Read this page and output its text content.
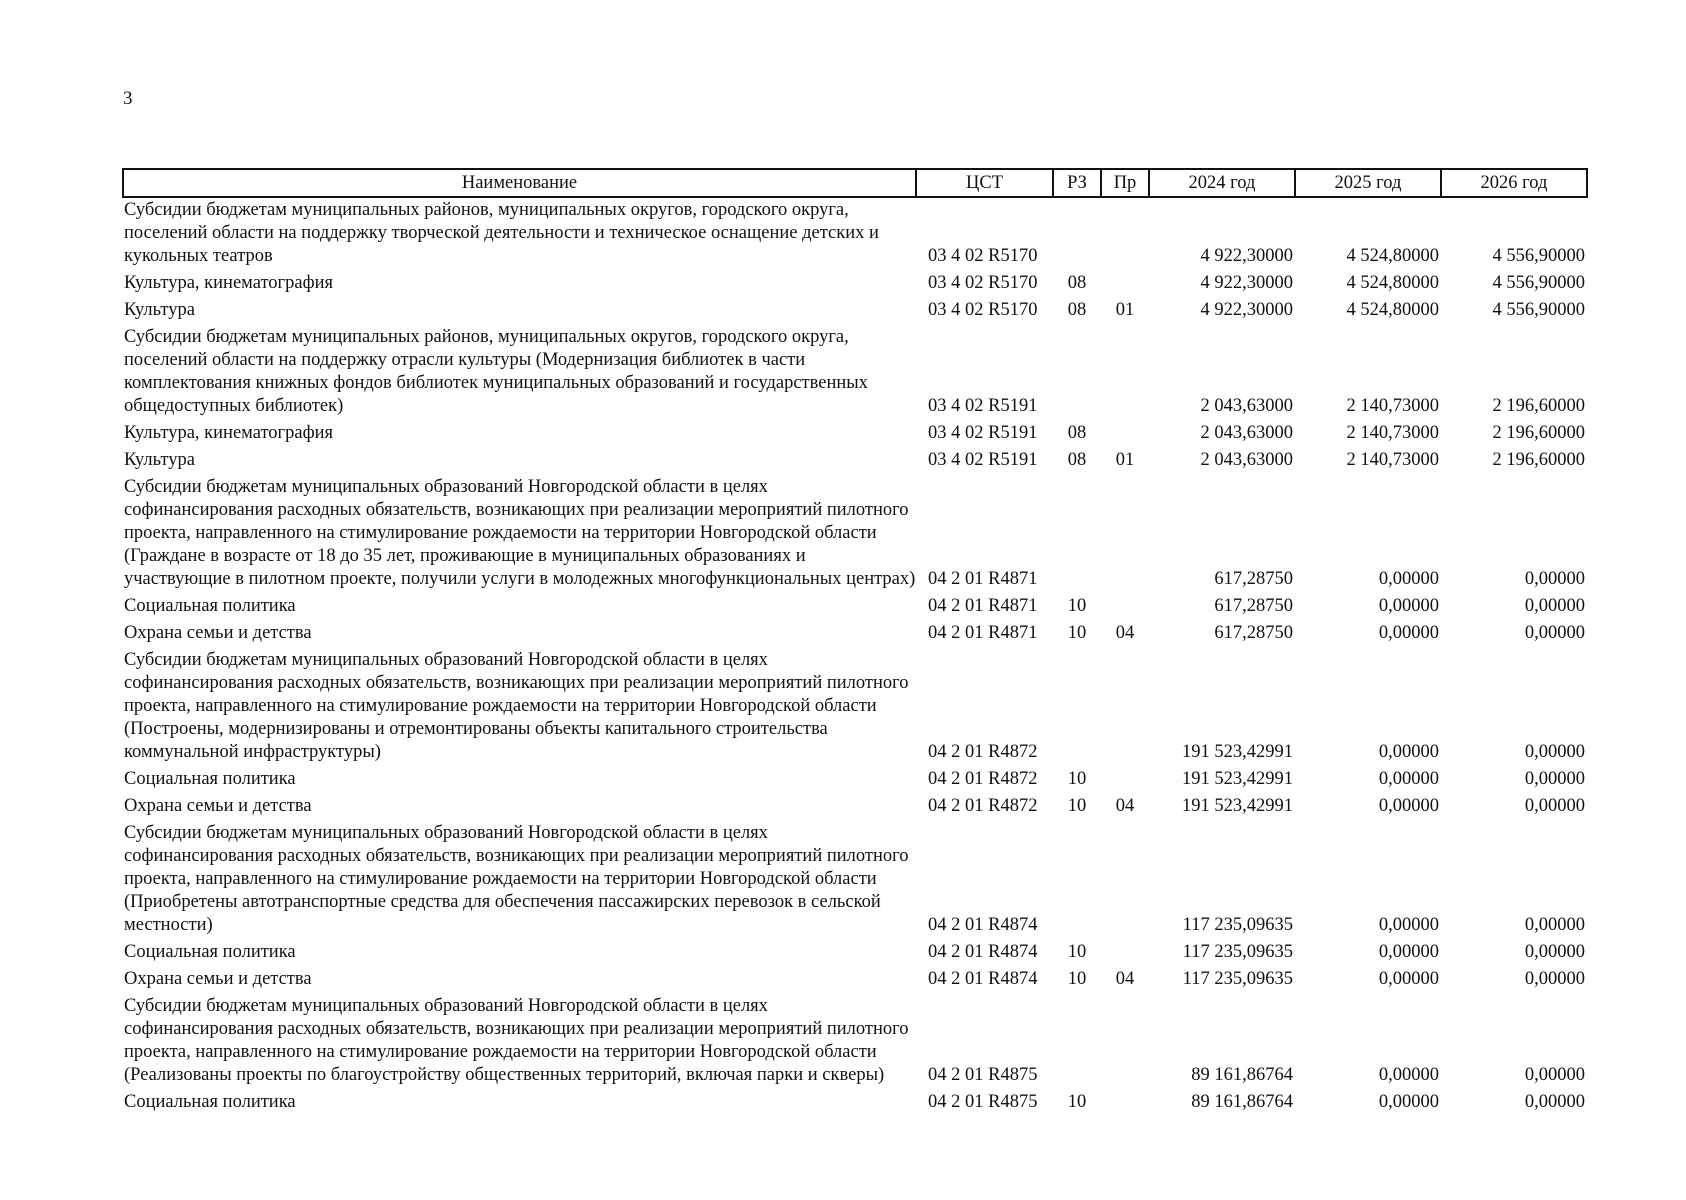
3
Наименование	ЦСТ	РЗ	Пр	2024 год	2025 год	2026 год
Субсидии бюджетам муниципальных районов, муниципальных округов, городского округа, поселений области на поддержку творческой деятельности и техническое оснащение детских и кукольных театров	03 4 02 R5170			4 922,30000	4 524,80000	4 556,90000
Культура, кинематография	03 4 02 R5170	08		4 922,30000	4 524,80000	4 556,90000
Культура	03 4 02 R5170	08	01	4 922,30000	4 524,80000	4 556,90000
Субсидии бюджетам муниципальных районов, муниципальных округов, городского округа, поселений области на поддержку отрасли культуры (Модернизация библиотек в части комплектования книжных фондов библиотек муниципальных образований и государственных общедоступных библиотек)	03 4 02 R5191			2 043,63000	2 140,73000	2 196,60000
Культура, кинематография	03 4 02 R5191	08		2 043,63000	2 140,73000	2 196,60000
Культура	03 4 02 R5191	08	01	2 043,63000	2 140,73000	2 196,60000
Субсидии бюджетам муниципальных образований Новгородской области в целях софинансирования расходных обязательств, возникающих при реализации мероприятий пилотного проекта, направленного на стимулирование рождаемости на территории Новгородской области (Граждане в возрасте от 18 до 35 лет, проживающие в муниципальных образованиях и участвующие в пилотном проекте, получили услуги в молодежных многофункциональных центрах)	04 2 01 R4871			617,28750	0,00000	0,00000
Социальная политика	04 2 01 R4871	10		617,28750	0,00000	0,00000
Охрана семьи и детства	04 2 01 R4871	10	04	617,28750	0,00000	0,00000
Субсидии бюджетам муниципальных образований Новгородской области в целях софинансирования расходных обязательств, возникающих при реализации мероприятий пилотного проекта, направленного на стимулирование рождаемости на территории Новгородской области (Построены, модернизированы и отремонтированы объекты капитального строительства коммунальной инфраструктуры)	04 2 01 R4872			191 523,42991	0,00000	0,00000
Социальная политика	04 2 01 R4872	10		191 523,42991	0,00000	0,00000
Охрана семьи и детства	04 2 01 R4872	10	04	191 523,42991	0,00000	0,00000
Субсидии бюджетам муниципальных образований Новгородской области в целях софинансирования расходных обязательств, возникающих при реализации мероприятий пилотного проекта, направленного на стимулирование рождаемости на территории Новгородской области (Приобретены автотранспортные средства для обеспечения пассажирских перевозок в сельской местности)	04 2 01 R4874			117 235,09635	0,00000	0,00000
Социальная политика	04 2 01 R4874	10		117 235,09635	0,00000	0,00000
Охрана семьи и детства	04 2 01 R4874	10	04	117 235,09635	0,00000	0,00000
Субсидии бюджетам муниципальных образований Новгородской области в целях софинансирования расходных обязательств, возникающих при реализации мероприятий пилотного проекта, направленного на стимулирование рождаемости на территории Новгородской области (Реализованы проекты по благоустройству общественных территорий, включая парки и скверы)	04 2 01 R4875			89 161,86764	0,00000	0,00000
Социальная политика	04 2 01 R4875	10		89 161,86764	0,00000	0,00000
